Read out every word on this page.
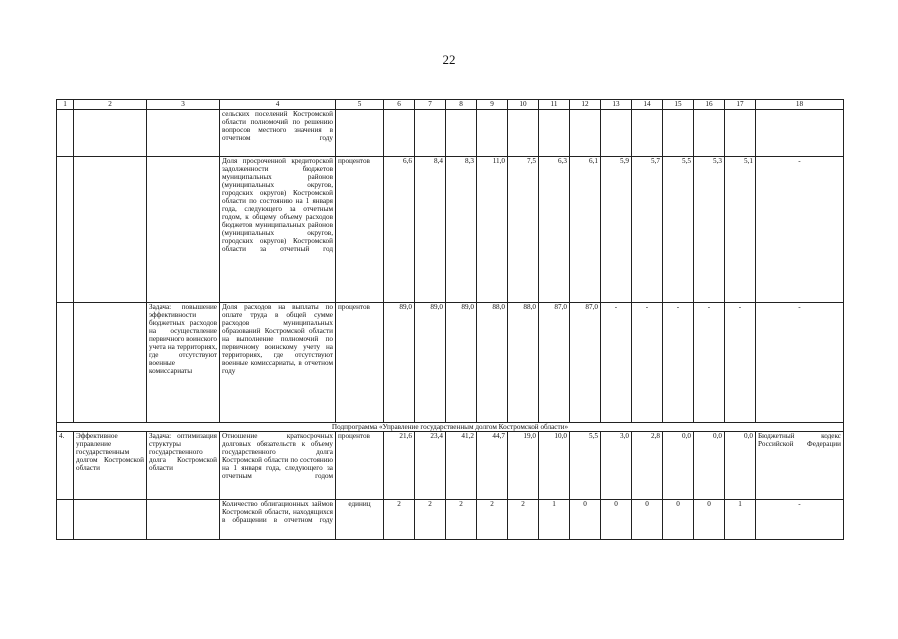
22
1	2	3	4	5	6	7	8	9	10	11	12	13	14	15	16	17	18
			сельских поселений Костромской области полномочий по решению вопросов местного значения в отчетном году														
			Доля просроченной кредиторской задолженности бюджетов муниципальных районов (муниципальных округов, городских округов) Костромской области по состоянию на 1 января года, следующего за отчетным годом, к общему объему расходов бюджетов муниципальных районов (муниципальных округов, городских округов) Костромской области за отчетный год	процентов	6,6	8,4	8,3	11,0	7,5	6,3	6,1	5,9	5,7	5,5	5,3	5,1	-
		Задача: повышение эффективности бюджетных расходов на осуществление первичного воинского учета на территориях, где отсутствуют военные комиссариаты	Доля расходов на выплаты по оплате труда в общей сумме расходов муниципальных образований Костромской области на выполнение полномочий по первичному воинскому учету на территориях, где отсутствуют военные комиссариаты, в отчетном году	процентов	89,0	89,0	89,0	88,0	88,0	87,0	87,0	-	-	-	-	-	-
Подпрограмма «Управление государственным долгом Костромской области»																	
4.	Эффективное управление государственным долгом Костромской области	Задача: оптимизация структуры государственного долга Костромской области	Отношение краткосрочных долговых обязательств к объему государственного долга Костромской области по состоянию на 1 января года, следующего за отчетным годом	процентов	21,6	23,4	41,2	44,7	19,0	10,0	5,5	3,0	2,8	0,0	0,0	0,0	Бюджетный кодекс Российской Федерации
			Количество облигационных займов Костромской области, находящихся в обращении в отчетном году	единиц	2	2	2	2	2	1	0	0	0	0	0	1	-
